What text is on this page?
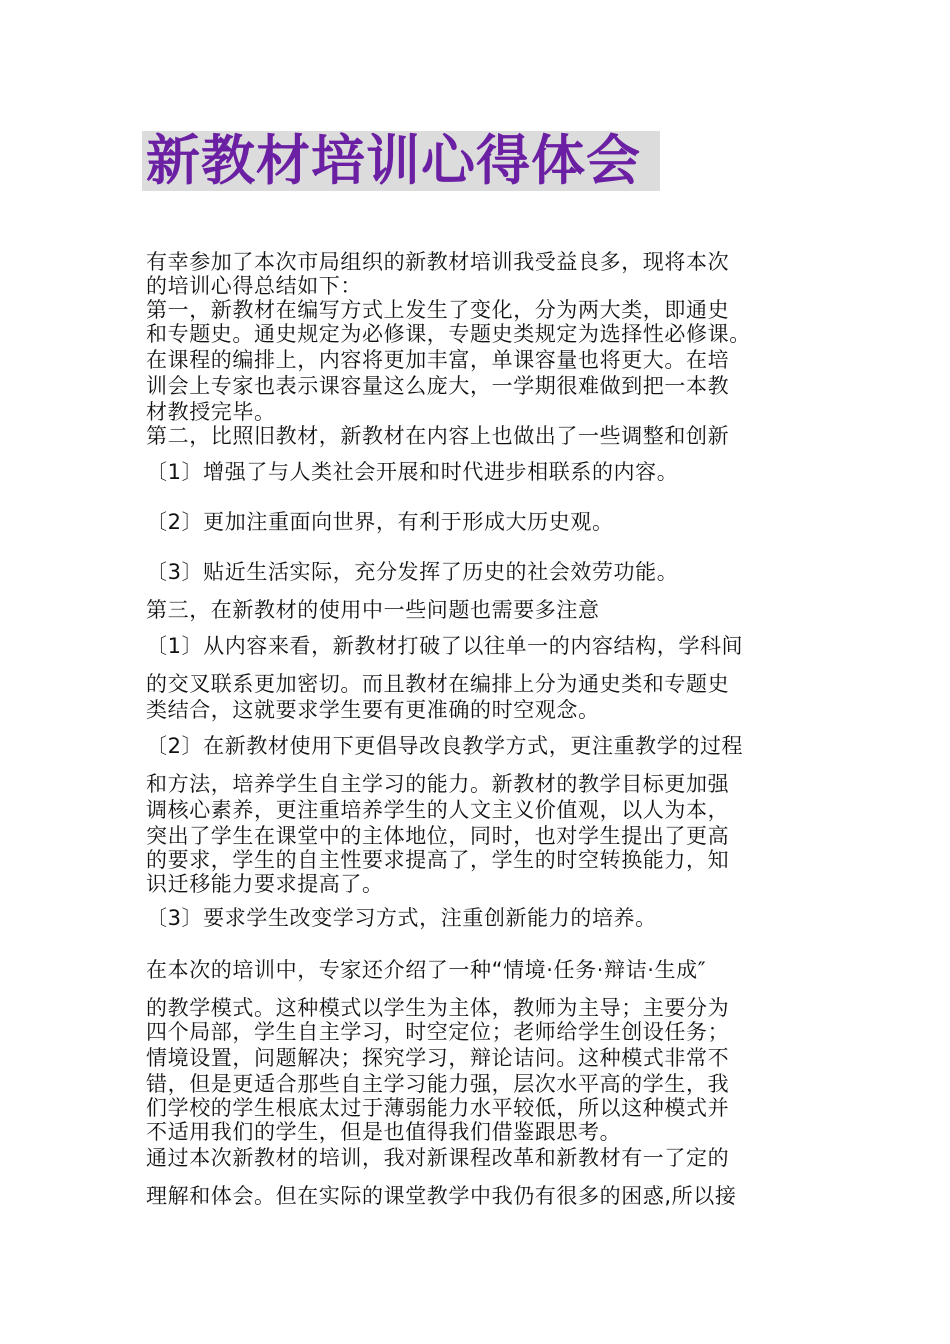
新教材培训心得体会
有幸参加了本次市局组织的新教材培训我受益良多，现将本次
的培训心得总结如下：
第一，新教材在编写方式上发生了变化，分为两大类，即通史
和专题史。通史规定为必修课，专题史类规定为选择性必修课。
在课程的编排上，内容将更加丰富，单课容量也将更大。在培
训会上专家也表示课容量这么庞大，一学期很难做到把一本教
材教授完毕。
第二，比照旧教材，新教材在内容上也做出了一些调整和创新
〔1〕增强了与人类社会开展和时代进步相联系的内容。
〔2〕更加注重面向世界，有利于形成大历史观。
〔3〕贴近生活实际，充分发挥了历史的社会效劳功能。
第三，在新教材的使用中一些问题也需要多注意
〔1〕从内容来看，新教材打破了以往单一的内容结构，学科间
的交叉联系更加密切。而且教材在编排上分为通史类和专题史
类结合，这就要求学生要有更准确的时空观念。
〔2〕在新教材使用下更倡导改良教学方式，更注重教学的过程
和方法，培养学生自主学习的能力。新教材的教学目标更加强
调核心素养，更注重培养学生的人文主义价值观，以人为本，
突出了学生在课堂中的主体地位，同时，也对学生提出了更高
的要求，学生的自主性要求提高了，学生的时空转换能力，知
识迁移能力要求提高了。
〔3〕要求学生改变学习方式，注重创新能力的培养。
在本次的培训中，专家还介绍了一种“情境·任务·辩诘·生成″
的教学模式。这种模式以学生为主体，教师为主导；主要分为
四个局部，学生自主学习，时空定位；老师给学生创设任务；
情境设置，问题解决；探究学习，辩论诘问。这种模式非常不
错，但是更适合那些自主学习能力强，层次水平高的学生，我
们学校的学生根底太过于薄弱能力水平较低，所以这种模式并
不适用我们的学生，但是也值得我们借鉴跟思考。
通过本次新教材的培训，我对新课程改革和新教材有一了定的
理解和体会。但在实际的课堂教学中我仍有很多的困惑,所以接
